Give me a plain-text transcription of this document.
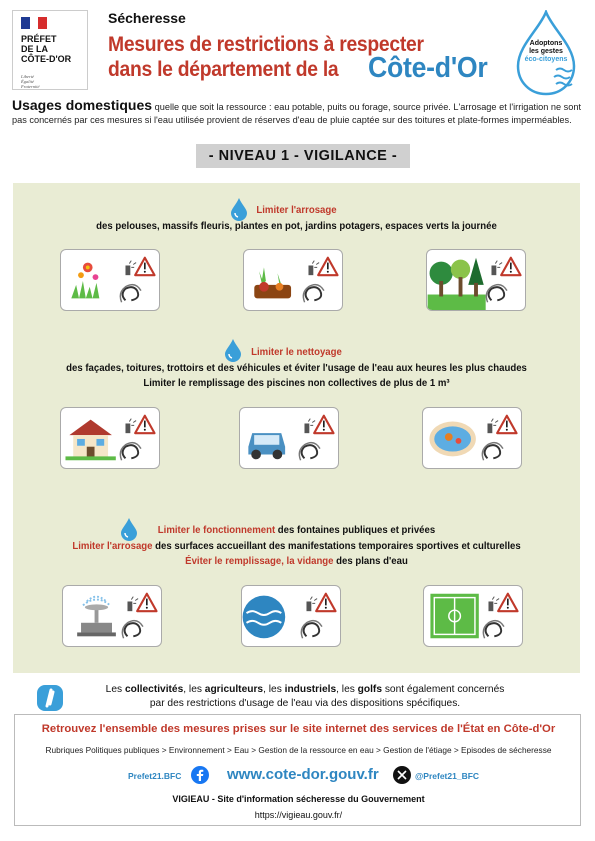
PRÉFET
DE LA
CÔTE-D'OR
Liberté
Égalité
Fraternité
Sécheresse
Mesures de restrictions à respecter
dans le département de la Côte-d'Or
Adoptons
les gestes
éco-citoyens
Usages domestiques quelle que soit la ressource : eau potable, puits ou forage, source privée. L'arrosage et l'irrigation ne sont pas concernés par ces mesures si l'eau utilisée provient de réserves d'eau de pluie captée sur des toitures et plate-formes imperméables.
- NIVEAU 1 - VIGILANCE -
Limiter l'arrosage
des pelouses, massifs fleuris, plantes en pot, jardins potagers, espaces verts la journée
Limiter le nettoyage
des façades, toitures, trottoirs et des véhicules et éviter l'usage de l'eau aux heures les plus chaudes
Limiter le remplissage des piscines non collectives de plus de 1 m³
Limiter le fonctionnement des fontaines publiques et privées
Limiter l'arrosage des surfaces accueillant des manifestations temporaires sportives et culturelles
Éviter le remplissage, la vidange des plans d'eau
Les collectivités, les agriculteurs, les industriels, les golfs sont également concernés
par des restrictions d'usage de l'eau via des dispositions spécifiques.
Retrouvez l'ensemble des mesures prises sur le site internet des services de l'État en Côte-d'Or
Rubriques Politiques publiques > Environnement > Eau > Gestion de la ressource en eau > Gestion de l'étiage > Episodes de sécheresse
Prefet21.BFC	www.cote-dor.gouv.fr	@Prefet21_BFC
VIGIEAU - Site d'information sécheresse du Gouvernement
https://vigieau.gouv.fr/
